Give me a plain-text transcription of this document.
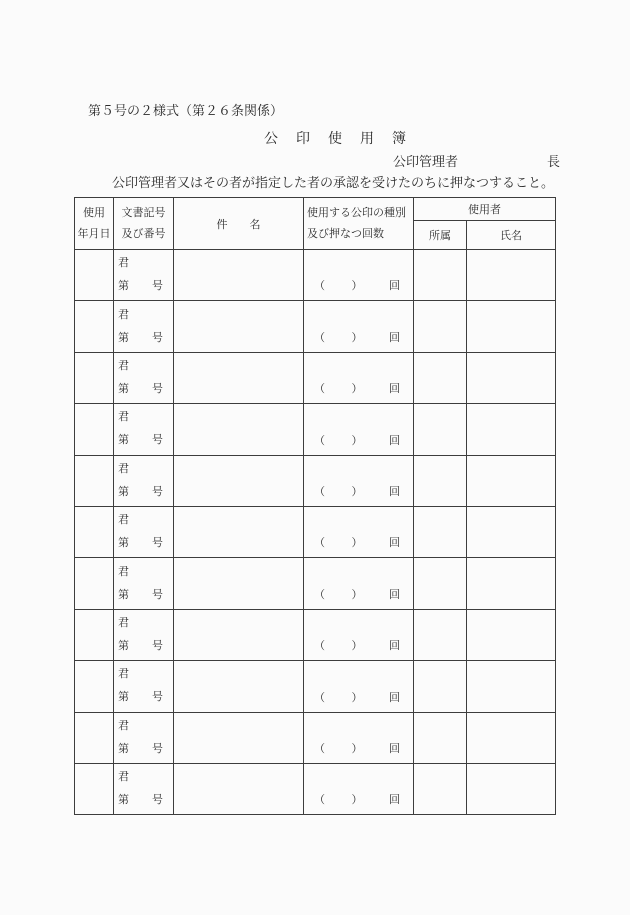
第５号の２様式（第２６条関係）
公　印　使　用　簿
公印管理者	長
公印管理者又はその者が指定した者の承認を受けたのちに押なつすること。
使用
年月日	文書記号
及び番号	件　　名	使用する公印の種別
及び押なつ回数	使用者	

				所属	氏名

	君
第 号		（ ） 回		

	君
第 号		（ ） 回		

	君
第 号		（ ） 回		

	君
第 号		（ ） 回		

	君
第 号		（ ） 回		

	君
第 号		（ ） 回		

	君
第 号		（ ） 回		

	君
第 号		（ ） 回		

	君
第 号		（ ） 回		

	君
第 号		（ ） 回		

	君
第 号		（ ） 回		
